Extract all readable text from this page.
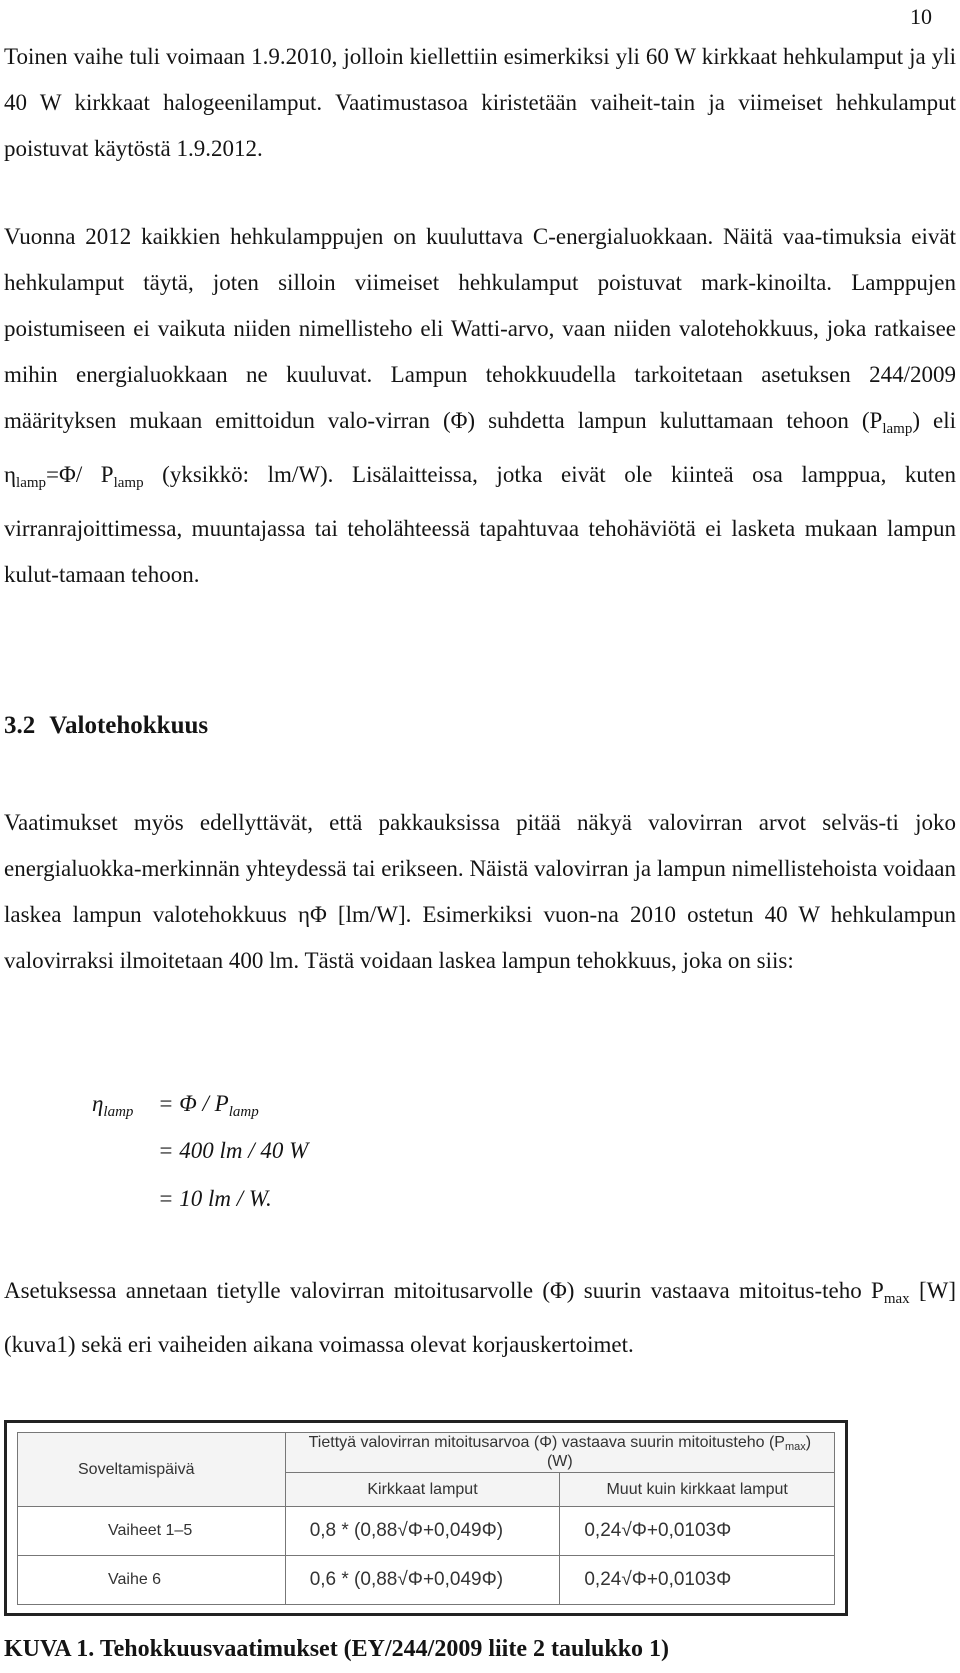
10

Toinen vaihe tuli voimaan 1.9.2010, jolloin kiellettiin esimerkiksi yli 60 W kirkkaat hehkulamput ja yli 40 W kirkkaat halogeenilamput. Vaatimustasoa kiristetään vaiheit-tain ja viimeiset hehkulamput poistuvat käytöstä 1.9.2012.

Vuonna 2012 kaikkien hehkulamppujen on kuuluttava C-energialuokkaan. Näitä vaa-timuksia eivät hehkulamput täytä, joten silloin viimeiset hehkulamput poistuvat mark-kinoilta. Lamppujen poistumiseen ei vaikuta niiden nimellisteho eli Watti-arvo, vaan niiden valotehokkuus, joka ratkaisee mihin energialuokkaan ne kuuluvat. Lampun tehokkuudella tarkoitetaan asetuksen 244/2009 määrityksen mukaan emittoidun valo-virran (Φ) suhdetta lampun kuluttamaan tehoon $(P_{lamp})$ eli $\eta_{lamp}=\Phi/$ $P_{lamp}$ (yksikkö: lm/W). Lisälaitteissa, jotka eivät ole kiinteä osa lamppua, kuten virranrajoittimessa, muuntajassa tai teholähteessä tapahtuvaa tehohäviötä ei lasketa mukaan lampun kulut-tamaan tehoon.

3.2 Valotehokkuus

Vaatimukset myös edellyttävät, että pakkauksissa pitää näkyä valovirran arvot selväs-ti joko energialuokka-merkinnän yhteydessä tai erikseen. Näistä valovirran ja lampun nimellistehoista voidaan laskea lampun valotehokkuus ηΦ [lm/W]. Esimerkiksi vuon-na 2010 ostetun 40 W hehkulampun valovirraksi ilmoitetaan 400 lm. Tästä voidaan laskea lampun tehokkuus, joka on siis:

$\eta_{lamp} = \Phi / P_{lamp}$
= 400 lm / 40 W
= 10 lm / W.

Asetuksessa annetaan tietylle valovirran mitoitusarvolle (Φ) suurin vastaava mitoitus-teho $P_{max}$ [W] (kuva1) sekä eri vaiheiden aikana voimassa olevat korjauskertoimet.

Soveltamispäivä	Tiettyä valovirran mitoitusarvoa (Φ) vastaava suurin mitoitusteho (Pmax) (W)	
	Kirkkaat lamput	Muut kuin kirkkaat lamput
Vaiheet 1–5	0,8 * (0,88√Φ+0,049Φ)	0,24√Φ+0,0103Φ
Vaihe 6	0,6 * (0,88√Φ+0,049Φ)	0,24√Φ+0,0103Φ

KUVA 1. Tehokkuusvaatimukset (EY/244/2009 liite 2 taulukko 1)
